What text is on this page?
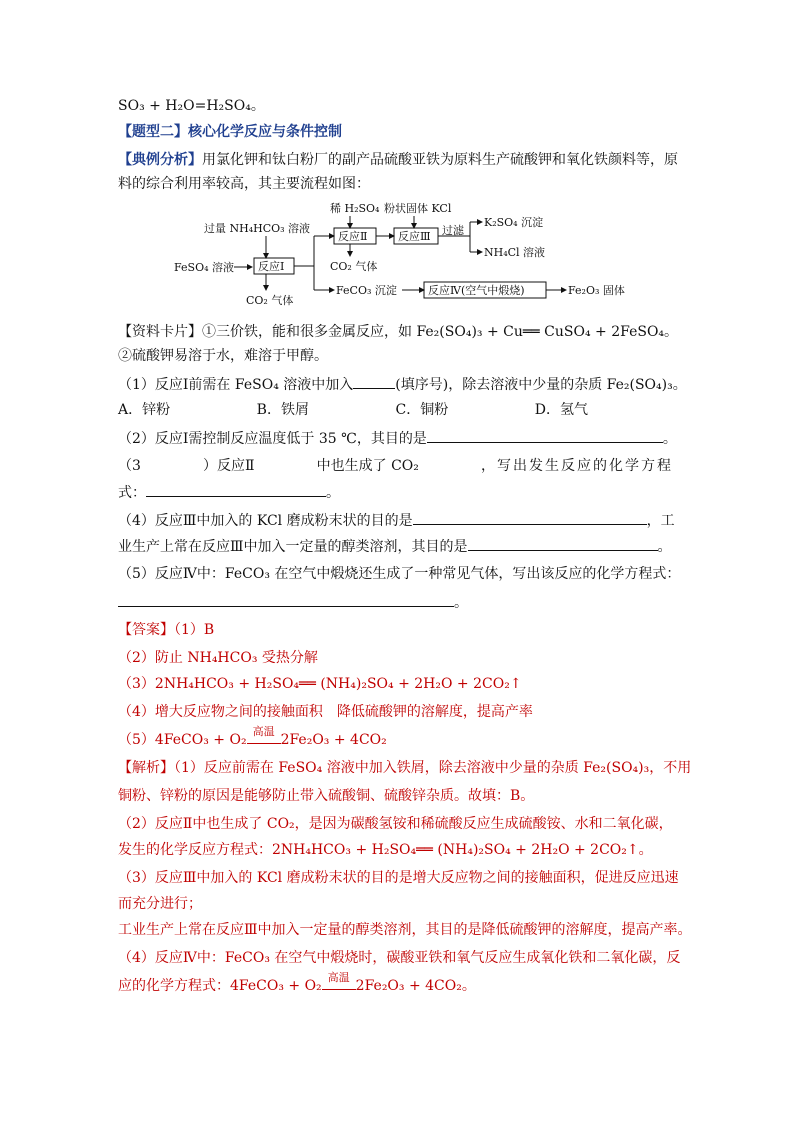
SO₃ + H₂O=H₂SO₄。
【题型二】核心化学反应与条件控制
【典例分析】用氯化钾和钛白粉厂的副产品硫酸亚铁为原料生产硫酸钾和氧化铁颜料等，原
料的综合利用率较高，其主要流程如图：
FeSO₄ 溶液
过量 NH₄HCO₃ 溶液
反应Ⅰ
CO₂ 气体
稀 H₂SO₄
反应Ⅱ
CO₂ 气体
粉状固体 KCl
反应Ⅲ 过滤
K₂SO₄ 沉淀
NH₄Cl 溶液
FeCO₃ 沉淀	反应Ⅳ(空气中煅烧)	Fe₂O₃ 固体
【资料卡片】①三价铁，能和很多金属反应，如 Fe₂(SO₄)₃ + Cu══ CuSO₄ + 2FeSO₄。
②硫酸钾易溶于水，难溶于甲醇。
（1）反应Ⅰ前需在 FeSO₄ 溶液中加入	(填序号)，除去溶液中少量的杂质 Fe₂(SO₄)₃。
A．锌粉	B．铁屑	C．铜粉	D．氢气
（2）反应Ⅰ需控制反应温度低于 35 ℃，其目的是	。
（3	）反应Ⅱ	中也生成了 CO₂	，写出发生反应的化学方程
式：	。
（4）反应Ⅲ中加入的 KCl 磨成粉末状的目的是	，工
业生产上常在反应Ⅲ中加入一定量的醇类溶剂，其目的是	。
（5）反应Ⅳ中：FeCO₃ 在空气中煅烧还生成了一种常见气体，写出该反应的化学方程式：
。
【答案】（1）B
（2）防止 NH₄HCO₃ 受热分解
（3）2NH₄HCO₃ + H₂SO₄══ (NH₄)₂SO₄ + 2H₂O + 2CO₂↑
（4）增大反应物之间的接触面积　降低硫酸钾的溶解度，提高产率
（5）4FeCO₃ + O₂
高温
2Fe₂O₃ + 4CO₂
【解析】（1）反应前需在 FeSO₄ 溶液中加入铁屑，除去溶液中少量的杂质 Fe₂(SO₄)₃，不用
铜粉、锌粉的原因是能够防止带入硫酸铜、硫酸锌杂质。故填：B。
（2）反应Ⅱ中也生成了 CO₂，是因为碳酸氢铵和稀硫酸反应生成硫酸铵、水和二氧化碳，
发生的化学反应方程式：2NH₄HCO₃ + H₂SO₄══ (NH₄)₂SO₄ + 2H₂O + 2CO₂↑。
（3）反应Ⅲ中加入的 KCl 磨成粉末状的目的是增大反应物之间的接触面积，促进反应迅速
而充分进行；
工业生产上常在反应Ⅲ中加入一定量的醇类溶剂，其目的是降低硫酸钾的溶解度，提高产率。
（4）反应Ⅳ中：FeCO₃ 在空气中煅烧时，碳酸亚铁和氧气反应生成氧化铁和二氧化碳，反
应的化学方程式：4FeCO₃ + O₂
高温
2Fe₂O₃ + 4CO₂。
